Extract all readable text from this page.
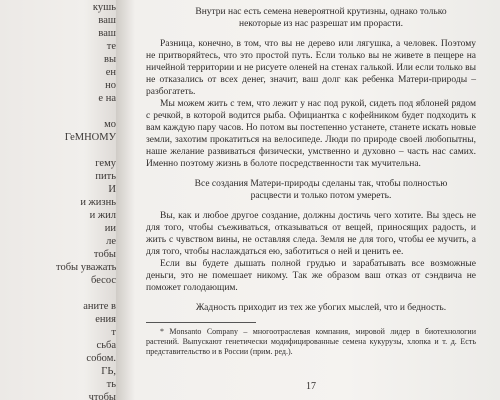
кушь
ваш
ваш
те
вы
ен
но
е на
мо
ГеМНОМУ
гему
пить
И
и жизнь
и жил
ии
ле
тобы
тобы уважать
бесос
аните в
ения
т
сьба
собом.
ГЬ,
ть
чтобы

Внутри нас есть семена невероятной крутизны, однако только некоторые из нас разрешат им прорасти.

Разница, конечно, в том, что вы не дерево или лягушка, а человек. Поэтому не притворяйтесь, что это простой путь. Если только вы не живете в пещере на ничейной территории и не рисуете оленей на стенах галькой. Или если только вы не отказались от всех денег, значит, ваш долг как ребенка Матери-природы – разбогатеть.

Мы можем жить с тем, что лежит у нас под рукой, сидеть под яблоней рядом с речкой, в которой водится рыба. Официантка с кофейником будет подходить к вам каждую пару часов. Но потом вы постепенно устанете, станете искать новые земли, захотим прокатиться на велосипеде. Люди по природе своей любопытны, наше желание развиваться физически, умственно и духовно – часть нас самих. Именно поэтому жизнь в болоте посредственности так мучительна.

Все создания Матери-природы сделаны так, чтобы полностью расцвести и только потом умереть.

Вы, как и любое другое создание, должны достичь чего хотите. Вы здесь не для того, чтобы съеживаться, отказываться от вещей, приносящих радость, и жить с чувством вины, не оставляя следа. Земля не для того, чтобы ее мучить, а для того, чтобы наслаждаться ею, заботиться о ней и ценить ее.

Если вы будете дышать полной грудью и зарабатывать все возможные деньги, это не помешает никому. Так же образом ваш отказ от сэндвича не поможет голодающим.

Жадность приходит из тех же убогих мыслей, что и бедность.

* Monsanto Company – многоотраслевая компания, мировой лидер в биотехнологии растений. Выпускают генетически модифицированные семена кукурузы, хлопка и т. д. Есть представительство и в России (прим. ред.).

17
